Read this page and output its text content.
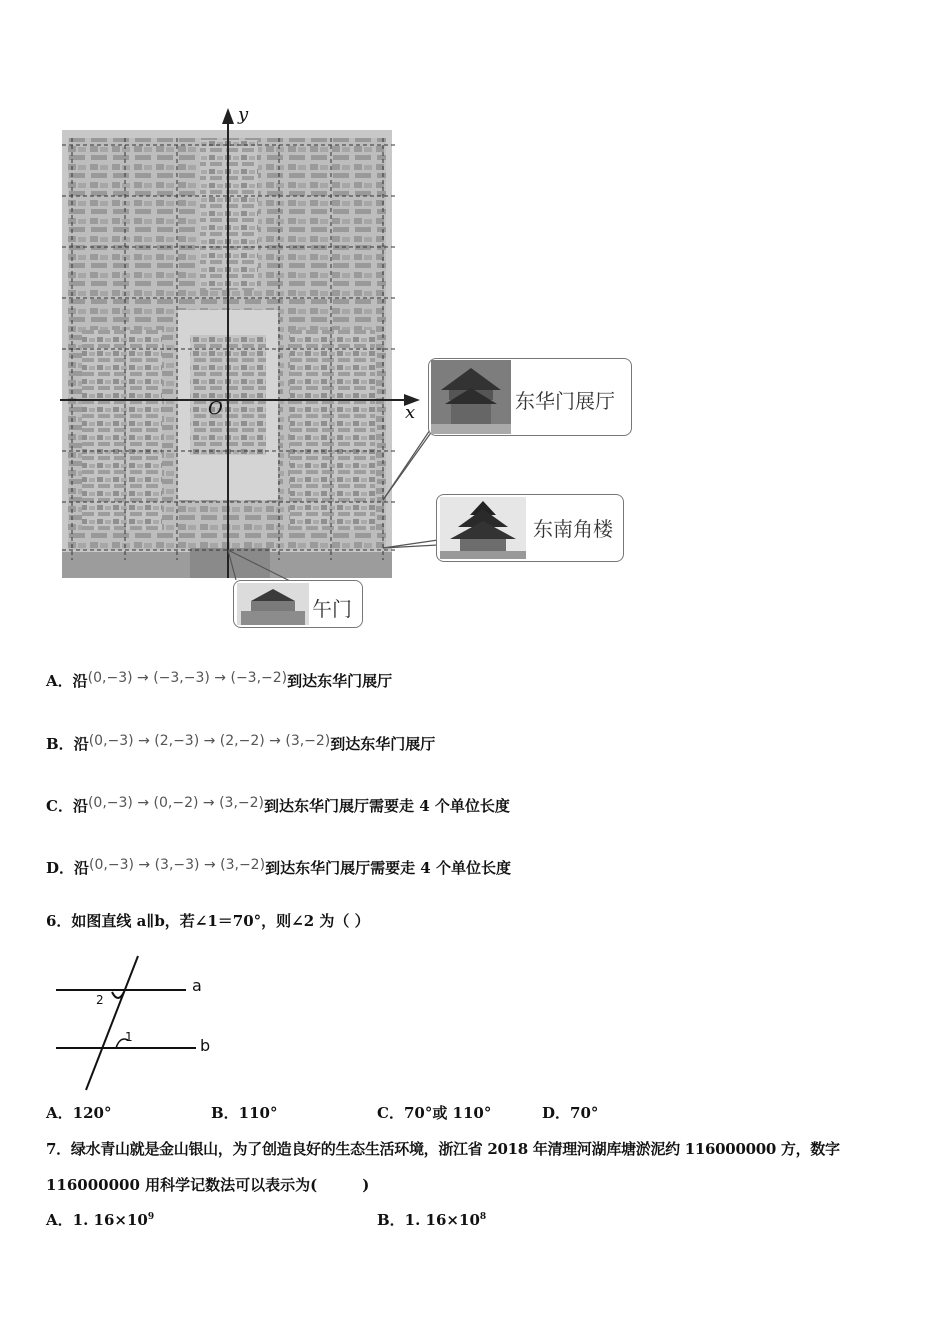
y
x
O	东华门展厅
东南角楼
午门
A．沿(0,−3) → (−3,−3) → (−3,−2)到达东华门展厅
B．沿(0,−3) → (2,−3) → (2,−2) → (3,−2)到达东华门展厅
C．沿(0,−3) → (0,−2) → (3,−2)到达东华门展厅需要走 4 个单位长度
D．沿(0,−3) → (3,−3) → (3,−2)到达东华门展厅需要走 4 个单位长度
6．如图直线 a∥b，若∠1＝70°，则∠2 为（ ）
a
b
2
1
A．120°	B．110°	C．70°或 110°	D．70°
7．绿水青山就是金山银山，为了创造良好的生态生活环境，浙江省 2018 年清理河湖库塘淤泥约 116000000 方，数字
116000000 用科学记数法可以表示为(　　　)
A．1. $16\times 10^9$	B．1. $16\times 10^8$
